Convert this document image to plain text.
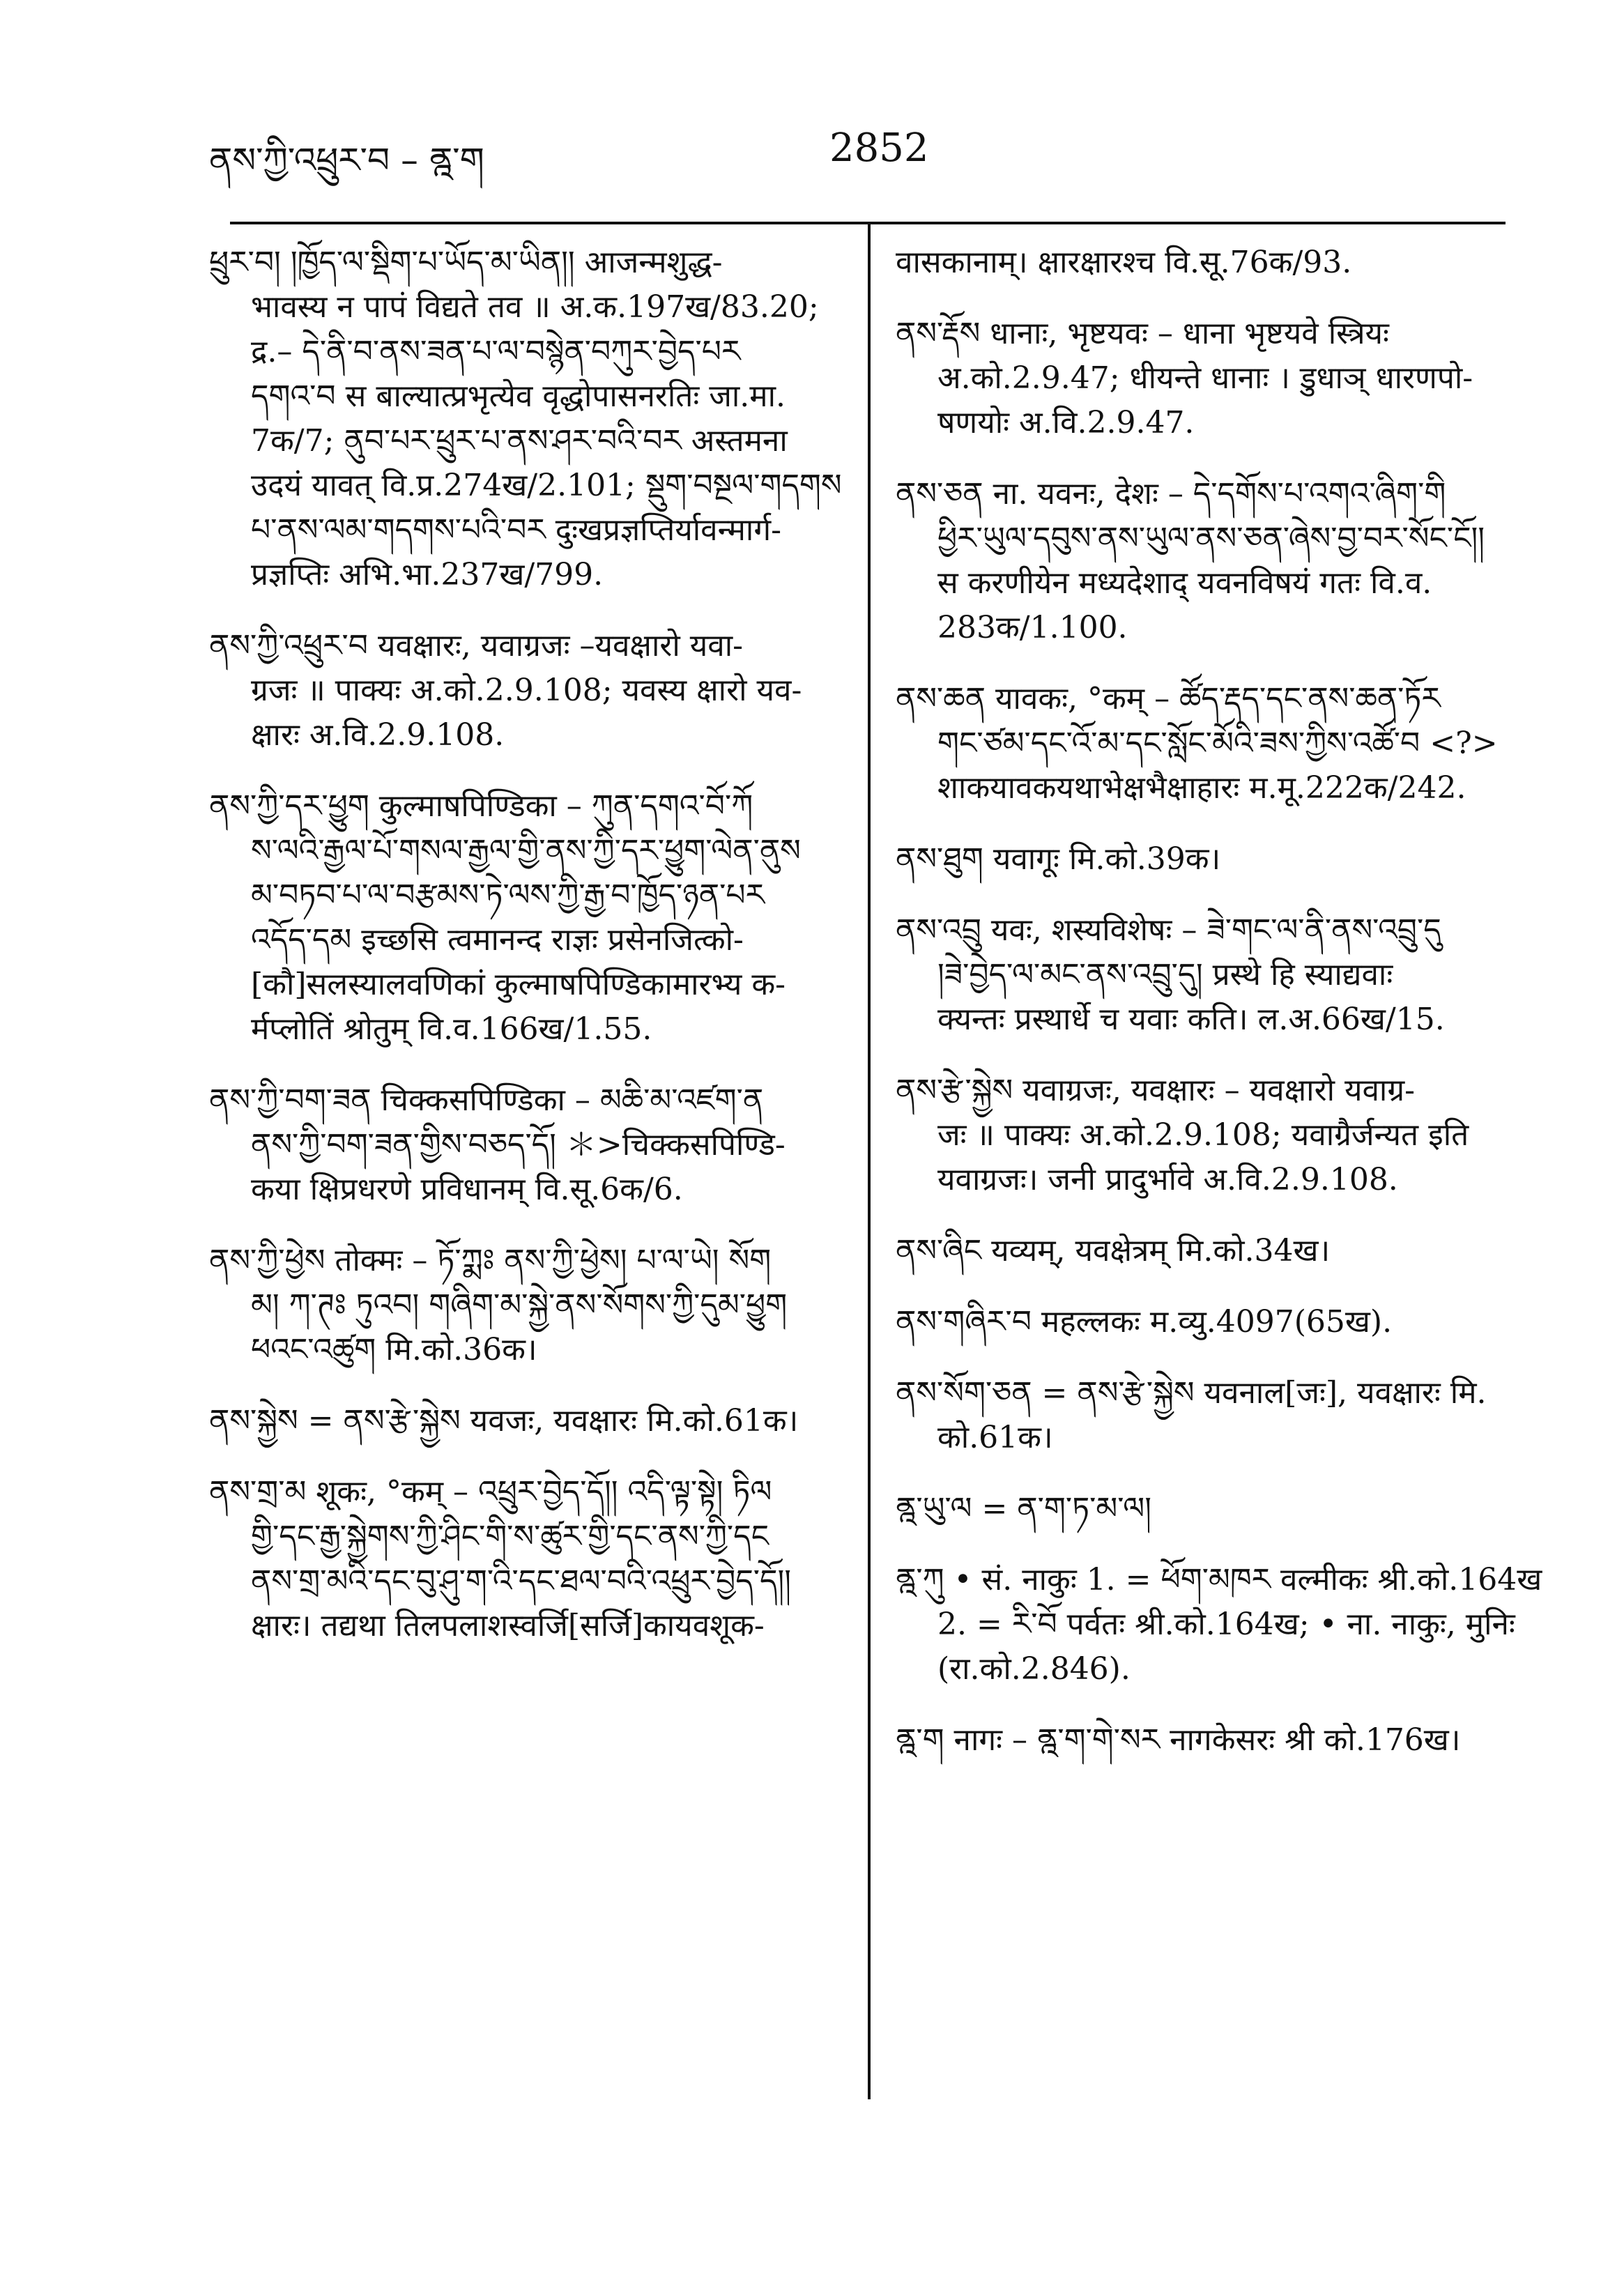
ནས་ཀྱི་འཕྲུར་བ – ནྰ་ག	2852
ཕྲུར་བ། །ཁྱོད་ལ་སྡིག་པ་ཡོད་མ་ཡིན།། आजन्मशुद्ध-
भावस्य न पापं विद्यते तव ॥ अ.क.197ख/83.20;
द्र.– དེ་ནི་བ་ནས་ཟན་པ་ལ་བསྙེན་བཀུར་བྱེད་པར
དགའ་བ स बाल्यात्प्रभृत्येव वृद्धोपासनरतिः जा.मा.
7क/7; ནུབ་པར་ཕྲུར་པ་ནས་ཤར་བའི་བར अस्तमना
उदयं यावत् वि.प्र.274ख/2.101; སྡུག་བསྔལ་གདགས
པ་ནས་ལམ་གདགས་པའི་བར दुःखप्रज्ञप्तिर्यावन्मार्ग-
प्रज्ञप्तिः अभि.भा.237ख/799.
ནས་ཀྱི་འཕྲུར་བ यवक्षारः, यवाग्रजः –यवक्षारो यवा-
ग्रजः ॥ पाक्यः अ.को.2.9.108; यवस्य क्षारो यव-
क्षारः अ.वि.2.9.108.
ནས་ཀྱི་དར་ཕྱུག कुल्माषपिण्डिका – ཀུན་དགའ་བོ་ཀོ
ས་ལའི་རྒྱལ་པོ་གསལ་རྒྱལ་གྱི་ནས་ཀྱི་དར་ཕྱུག་ལེན་ནུས
མ་བཏབ་པ་ལ་བརྩམས་ཏེ་ལས་ཀྱི་རྒྱ་བ་ཁྱོད་ཉན་པར
འདོད་དམ इच्छसि त्वमानन्द राज्ञः प्रसेनजित्को-
[कौ]सलस्यालवणिकां कुल्माषपिण्डिकामारभ्य क-
र्मप्लोतिं श्रोतुम् वि.व.166ख/1.55.
ནས་ཀྱི་བག་ཟན चिक्कसपिण्डिका – མཆི་མ་འཛག་ན
ནས་ཀྱི་བག་ཟན་གྱིས་བཅད་དོ། ＊>चिक्कसपिण्डि-
कया क्षिप्रधरणे प्रविधानम् वि.सू.6क/6.
ནས་ཀྱི་ཕྱེས तोक्मः – ཏོ་ཀྨཿ ནས་ཀྱི་ཕྱེས། པ་ལ་ཡེ། སོག
མ། ཀ་ཊཿ ཏུའབ། གཞིག་མ་སྐྱེ་ནས་སོགས་ཀྱི་དུམ་ཕྱུག
ཕའང་འཚུག मि.को.36क।
ནས་སྐྱེས = ནས་རྩེ་སྐྱེས यवजः, यवक्षारः मि.को.61क।
ནས་གྲ་མ शूकः, °कम् – འཕྲུར་བྱེད་དོ།། འདི་ལྟ་སྟེ། ཏིལ
གྱི་དང་རྒྱ་སྐྱེགས་ཀྱི་ཤིང་གི་ས་ཚུར་གྱི་དང་ནས་ཀྱི་དང
ནས་གྲ་མའི་དང་བུ་ཤུ་ག་འི་དང་ཐལ་བའི་འཕྲུར་བྱེད་དོ།།
क्षारः। तद्यथा तिलपलाशस्वर्जि[सर्जि]कायवशूक-
वासकानाम्। क्षारक्षारश्च वि.सू.76क/93.
ནས་རྡོས धानाः, भृष्टयवः – धाना भृष्टयवे स्त्रियः
अ.को.2.9.47; धीयन्ते धानाः । डुधाञ् धारणपो-
षणयोः अ.वि.2.9.47.
ནས་ཅན ना. यवनः, देशः – དེ་དགོས་པ་འགའ་ཞིག་གི
ཕྱིར་ཡུལ་དབུས་ནས་ཡུལ་ནས་ཅན་ཞེས་བྱ་བར་སོང་ངོ།།
स करणीयेन मध्यदेशाद् यवनविषयं गतः वि.व.
283क/1.100.
ནས་ཆན यावकः, °कम् – ཚོད་རྡད་དང་ནས་ཆན་ཏོར
གང་ཙམ་དང་འོ་མ་དང་སློང་མོའི་ཟས་ཀྱིས་འཚོ་བ <?>
शाकयावकयथाभेक्षभैक्षाहारः म.मू.222क/242.
ནས་ཐུག यवागूः मि.को.39क।
ནས་འབྲུ यवः, शस्यविशेषः – ཟེ་གང་ལ་ནི་ནས་འབྲུ་དུ
།ཟེ་བྱེད་ལ་མང་ནས་འབྲུ་དུ། प्रस्थे हि स्याद्यवाः
क्यन्तः प्रस्थार्धे च यवाः कति। ल.अ.66ख/15.
ནས་རྩེ་སྐྱེས यवाग्रजः, यवक्षारः – यवक्षारो यवाग्र-
जः ॥ पाक्यः अ.को.2.9.108; यवाग्रैर्जन्यत इति
यवाग्रजः। जनी प्रादुर्भावे अ.वि.2.9.108.
ནས་ཞིང यव्यम्, यवक्षेत्रम् मि.को.34ख।
ནས་གཞིར་བ महल्लकः म.व्यु.4097(65ख).
ནས་སོག་ཅན = ནས་རྩེ་སྐྱེས यवनाल[जः], यवक्षारः मि.
को.61क।
ནྰ་ཡུ་ལ = ན་ག་ཏ་མ་ལ།
ནྰ་ཀུ • सं. नाकुः 1. = ཕོག་མཁར वल्मीकः श्री.को.164ख
2. = རི་བོ पर्वतः श्री.को.164ख; • ना. नाकुः, मुनिः
(रा.को.2.846).
ནྰ་ག नागः – ནྰ་ག་གེ་སར नागकेसरः श्री को.176ख।
